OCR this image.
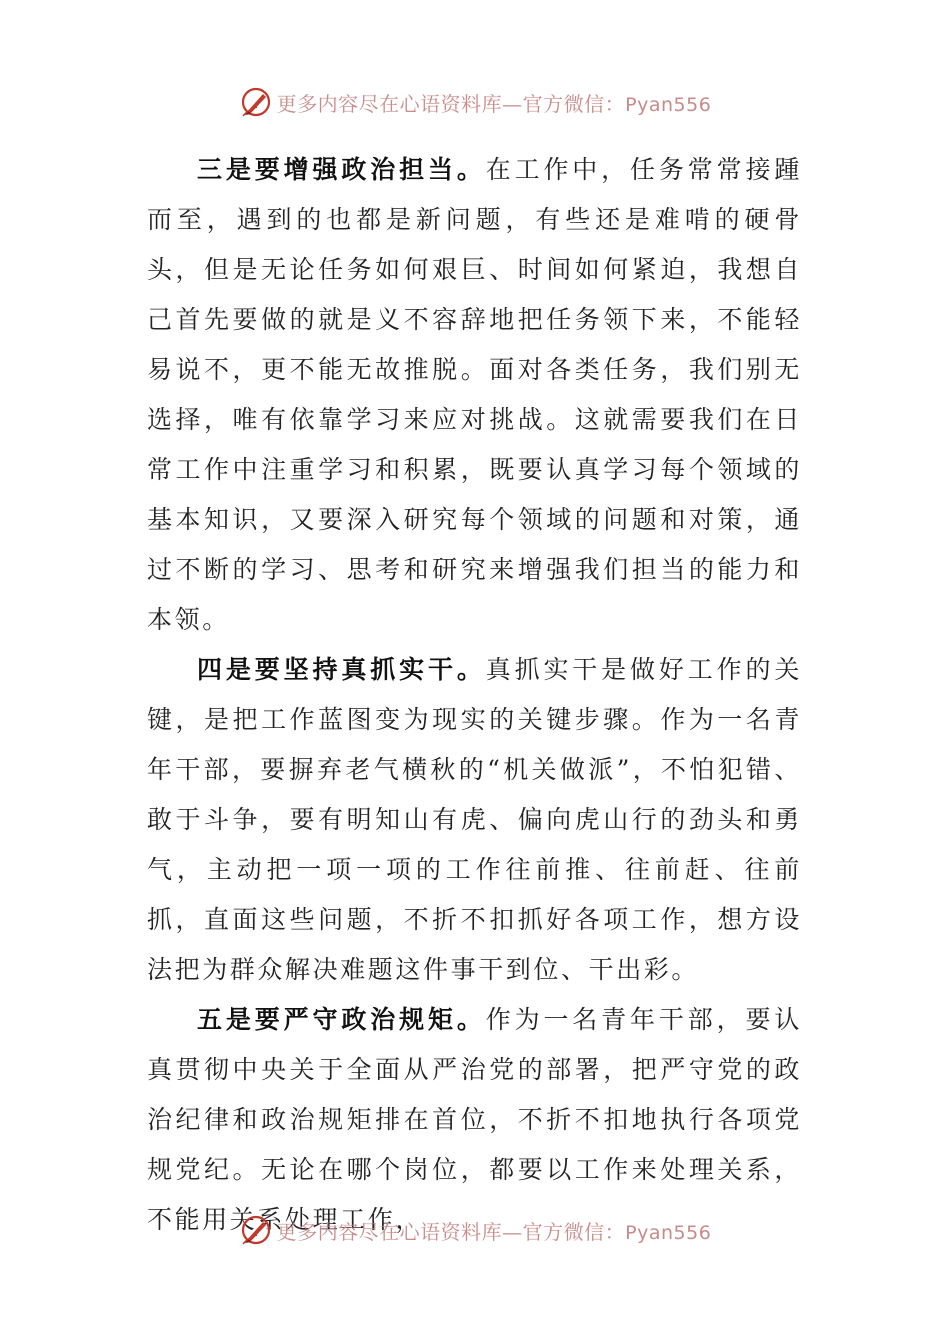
更多内容尽在心语资料库—官方微信：Pyan556

三是要增强政治担当。在工作中，任务常常接踵而至，遇到的也都是新问题，有些还是难啃的硬骨头，但是无论任务如何艰巨、时间如何紧迫，我想自己首先要做的就是义不容辞地把任务领下来，不能轻易说不，更不能无故推脱。面对各类任务，我们别无选择，唯有依靠学习来应对挑战。这就需要我们在日常工作中注重学习和积累，既要认真学习每个领域的基本知识，又要深入研究每个领域的问题和对策，通过不断的学习、思考和研究来增强我们担当的能力和本领。

四是要坚持真抓实干。真抓实干是做好工作的关键，是把工作蓝图变为现实的关键步骤。作为一名青年干部，要摒弃老气横秋的“机关做派”，不怕犯错、敢于斗争，要有明知山有虎、偏向虎山行的劲头和勇气，主动把一项一项的工作往前推、往前赶、往前抓，直面这些问题，不折不扣抓好各项工作，想方设法把为群众解决难题这件事干到位、干出彩。

五是要严守政治规矩。作为一名青年干部，要认真贯彻中央关于全面从严治党的部署，把严守党的政治纪律和政治规矩排在首位，不折不扣地执行各项党规党纪。无论在哪个岗位，都要以工作来处理关系，不能用关系处理工作，

更多内容尽在心语资料库—官方微信：Pyan556
